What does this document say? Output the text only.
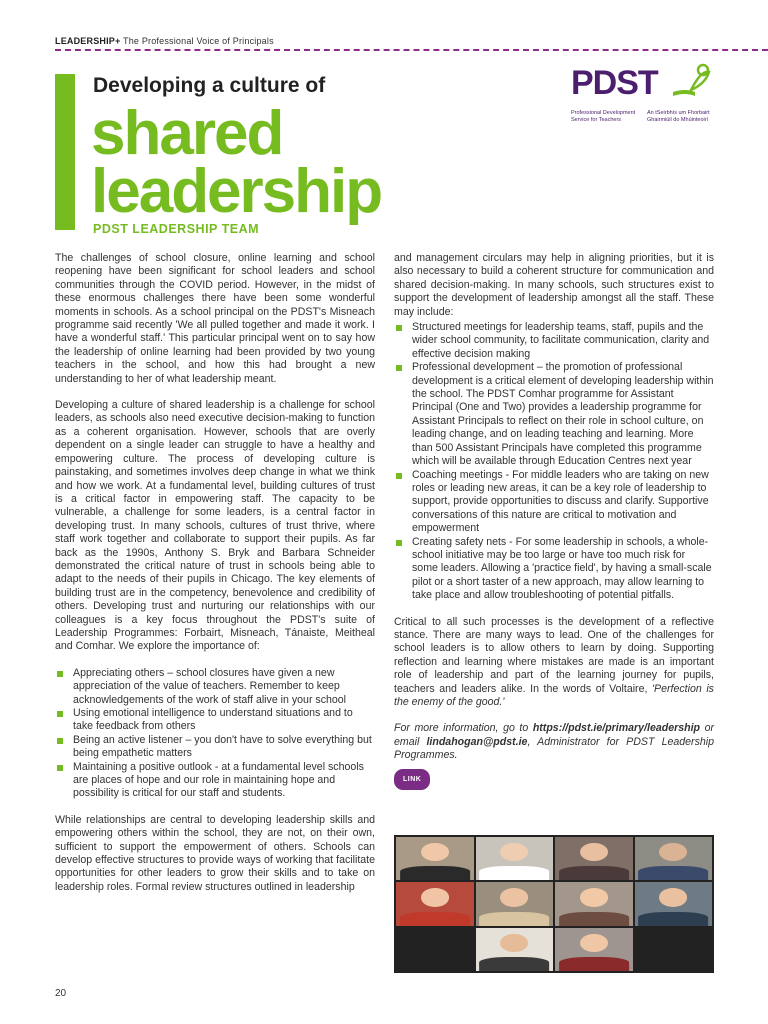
LEADERSHIP+ The Professional Voice of Principals
Developing a culture of
shared
leadership
PDST LEADERSHIP TEAM
PDST
Professional Development Service for Teachers
An tSeirbhís um Fhorbairt Ghairmiúil do Mhúinteoirí

The challenges of school closure, online learning and school reopening have been significant for school leaders and school communities through the COVID period. However, in the midst of these enormous challenges there have been some wonderful moments in schools. As a school principal on the PDST's Misneach programme said recently 'We all pulled together and made it work. I have a wonderful staff.' This particular principal went on to say how the leadership of online learning had been provided by two young teachers in the school, and how this had brought a new understanding to her of what leadership meant.

Developing a culture of shared leadership is a challenge for school leaders, as schools also need executive decision-making to function as a coherent organisation. However, schools that are overly dependent on a single leader can struggle to have a healthy and empowering culture. The process of developing culture is painstaking, and sometimes involves deep change in what we think and how we work. At a fundamental level, building cultures of trust is a critical factor in empowering staff. The capacity to be vulnerable, a challenge for some leaders, is a central factor in developing trust. In many schools, cultures of trust thrive, where staff work together and collaborate to support their pupils. As far back as the 1990s, Anthony S. Bryk and Barbara Schneider demonstrated the critical nature of trust in schools being able to adapt to the needs of their pupils in Chicago. The key elements of building trust are in the competency, benevolence and credibility of others. Developing trust and nurturing our relationships with our colleagues is a key focus throughout the PDST's suite of Leadership Programmes: Forbairt, Misneach, Tánaiste, Meitheal and Comhar. We explore the importance of:

Appreciating others – school closures have given a new appreciation of the value of teachers. Remember to keep acknowledgements of the work of staff alive in your school
Using emotional intelligence to understand situations and to take feedback from others
Being an active listener – you don't have to solve everything but being empathetic matters
Maintaining a positive outlook - at a fundamental level schools are places of hope and our role in maintaining hope and possibility is critical for our staff and students.

While relationships are central to developing leadership skills and empowering others within the school, they are not, on their own, sufficient to support the empowerment of others. Schools can develop effective structures to provide ways of working that facilitate opportunities for other leaders to grow their skills and to take on leadership roles. Formal review structures outlined in leadership

and management circulars may help in aligning priorities, but it is also necessary to build a coherent structure for communication and shared decision-making. In many schools, such structures exist to support the development of leadership amongst all the staff. These may include:

Structured meetings for leadership teams, staff, pupils and the wider school community, to facilitate communication, clarity and effective decision making
Professional development – the promotion of professional development is a critical element of developing leadership within the school. The PDST Comhar programme for Assistant Principal (One and Two) provides a leadership programme for Assistant Principals to reflect on their role in school culture, on leading change, and on leading teaching and learning. More than 500 Assistant Principals have completed this programme which will be available through Education Centres next year
Coaching meetings - For middle leaders who are taking on new roles or leading new areas, it can be a key role of leadership to support, provide opportunities to discuss and clarify. Supportive conversations of this nature are critical to motivation and empowerment
Creating safety nets - For some leadership in schools, a whole-school initiative may be too large or have too much risk for some leaders. Allowing a 'practice field', by having a small-scale pilot or a short taster of a new approach, may allow learning to take place and allow troubleshooting of potential pitfalls.

Critical to all such processes is the development of a reflective stance. There are many ways to lead. One of the challenges for school leaders is to allow others to learn by doing. Supporting reflection and learning where mistakes are made is an important role of leadership and part of the learning journey for pupils, teachers and leaders alike. In the words of Voltaire, 'Perfection is the enemy of the good.'

For more information, go to https://pdst.ie/primary/leadership or email lindahogan@pdst.ie, Administrator for PDST Leadership Programmes.

LINK
20
